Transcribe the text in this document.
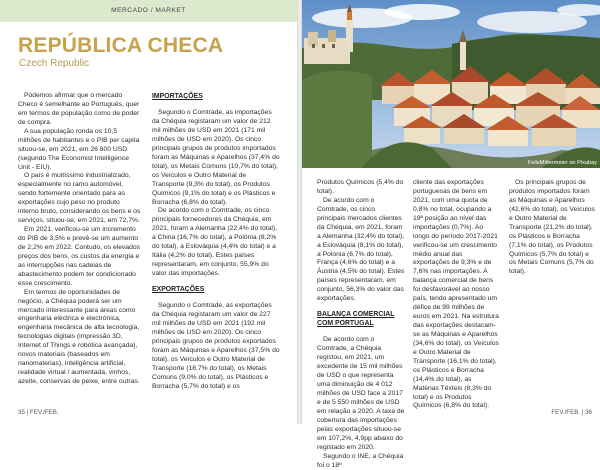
MERCADO / MARKET
REPÚBLICA CHECA
Czech Republic

Podemos afirmar que o mercado Checo é semelhante ao Português, quer em termos de população como de poder de compra.

A sua população ronda os 10,5 milhões de habitantes e o PIB per capita situou-se, em 2021, em 26 800 USD (segundo The Economist Intelligence Unit - EIU).

O país é muitíssimo industrializado, especialmente no ramo automóvel, sendo fortemente orientado para as exportações cujo peso no produto interno bruto, considerando os bens e os serviços, situou-se, em 2021, em 72,7%.

Em 2021, verificou-se um incremento do PIB de 3,5% e prevê-se um aumento de 2,2% em 2022. Contudo, os elevados preços dos bens, os custos da energia e as interrupções nas cadeias de abastecimento podem ter condicionado esse crescimento.

Em termos de oportunidades de negócio, a Chéquia poderá ser um mercado interessante para áreas como engenharia eléctrica e electrónica, engenharia mecânica de alta tecnologia, tecnologias digitais (impressão 3D, Internet of Things e robótica avançada), novos materiais (baseados em nanomaterias), inteligência artificial, realidade virtual / aumentada, vinhos, azeite, conservas de peixe, entre outras.

IMPORTAÇÕES

Segundo o Comtrade, as importações da Chéquia registaram um valor de 212 mil milhões de USD em 2021 (171 mil milhões de USD em 2020). Os cinco principais grupos de produtos importados foram as Máquinas e Aparelhos (37,4% do total), os Metais Comuns (10,7% do total), os Veículos e Outro Material de Transporte (9,3% do total), os Produtos Químicos (9,1% do total) e os Plásticos e Borracha (6,8% do total).

De acordo com o Comtrade, os cinco principais fornecedores da Chéquia, em 2021, foram a Alemanha (22,4% do total), a China (16,7% do total), a Polónia (8,2% do total), a Eslováquia (4,4% do total) e a Itália (4,2% do total). Estes países representaram, em conjunto, 55,9% do valor das importações.

EXPORTAÇÕES

Segundo o Comtrade, as exportações da Chéquia registaram um valor de 227 mil milhões de USD em 2021 (192 mil milhões de USD em 2020). Os cinco principais grupos de produtos exportados foram as Máquinas e Aparelhos (37,5% do total), os Veículos e Outro Material de Transporte (18,7% do total), os Metais Comuns (9,0% do total), os Plásticos e Borracha (5,7% do total) e os

35 | FEV./FEB.
FelixMittermeier on Pixabay

Produtos Químicos (5,4% do total).

De acordo com o Comtrade, os cinco principais mercados clientes da Chéquia, em 2021, foram a Alemanha (32,4% do total), a Eslováquia (8,1% do total), a Polónia (6,7% do total), França (4,6% do total) e a Áustria (4,5% do total). Estes países representaram, em conjunto, 56,3% do valor das exportações.

BALANÇA COMERCIAL COM PORTUGAL

De acordo com o Comtrade, a Chéquia registou, em 2021, um excedente de 15 mil milhões de USD o que representa uma diminuição de 4 012 milhões de USD face a 2017 e de 5 550 milhões de USD em relação a 2020. A taxa de cobertura das importações pelas exportações situou-se em 107,2%, 4,9pp abaixo do registado em 2020.

Segundo o INE, a Chéquia foi o 18º

cliente das exportações portuguesas de bens em 2021, com uma quota de 0,8% no total, ocupando a 19ª posição ao nível das importações (0,7%). Ao longo do período 2017-2021 verificou-se um crescimento médio anual das exportações de 9,3% e de 7,6% nas importações. A balança comercial de bens foi desfavorável ao nosso país, tendo apresentado um défice de 99 milhões de euros em 2021. Na estrutura das exportações destacam-se as Máquinas e Aparelhos (34,6% do total), os Veículos e Outro Material de Transporte (16,1% do total), os Plásticos e Borracha (14,4% do total), as Matérias Têxteis (8,3% do total) e os Produtos Químicos (6,8% do total).

Os principais grupos de produtos importados foram as Máquinas e Aparelhos (42,6% do total), os Veículos e Outro Material de Transporte (21,2% do total), os Plásticos e Borracha (7,1% do total), os Produtos Químicos (5,7% do total) e os Metais Comuns (5,7% do total).

FEV./FEB. | 36
